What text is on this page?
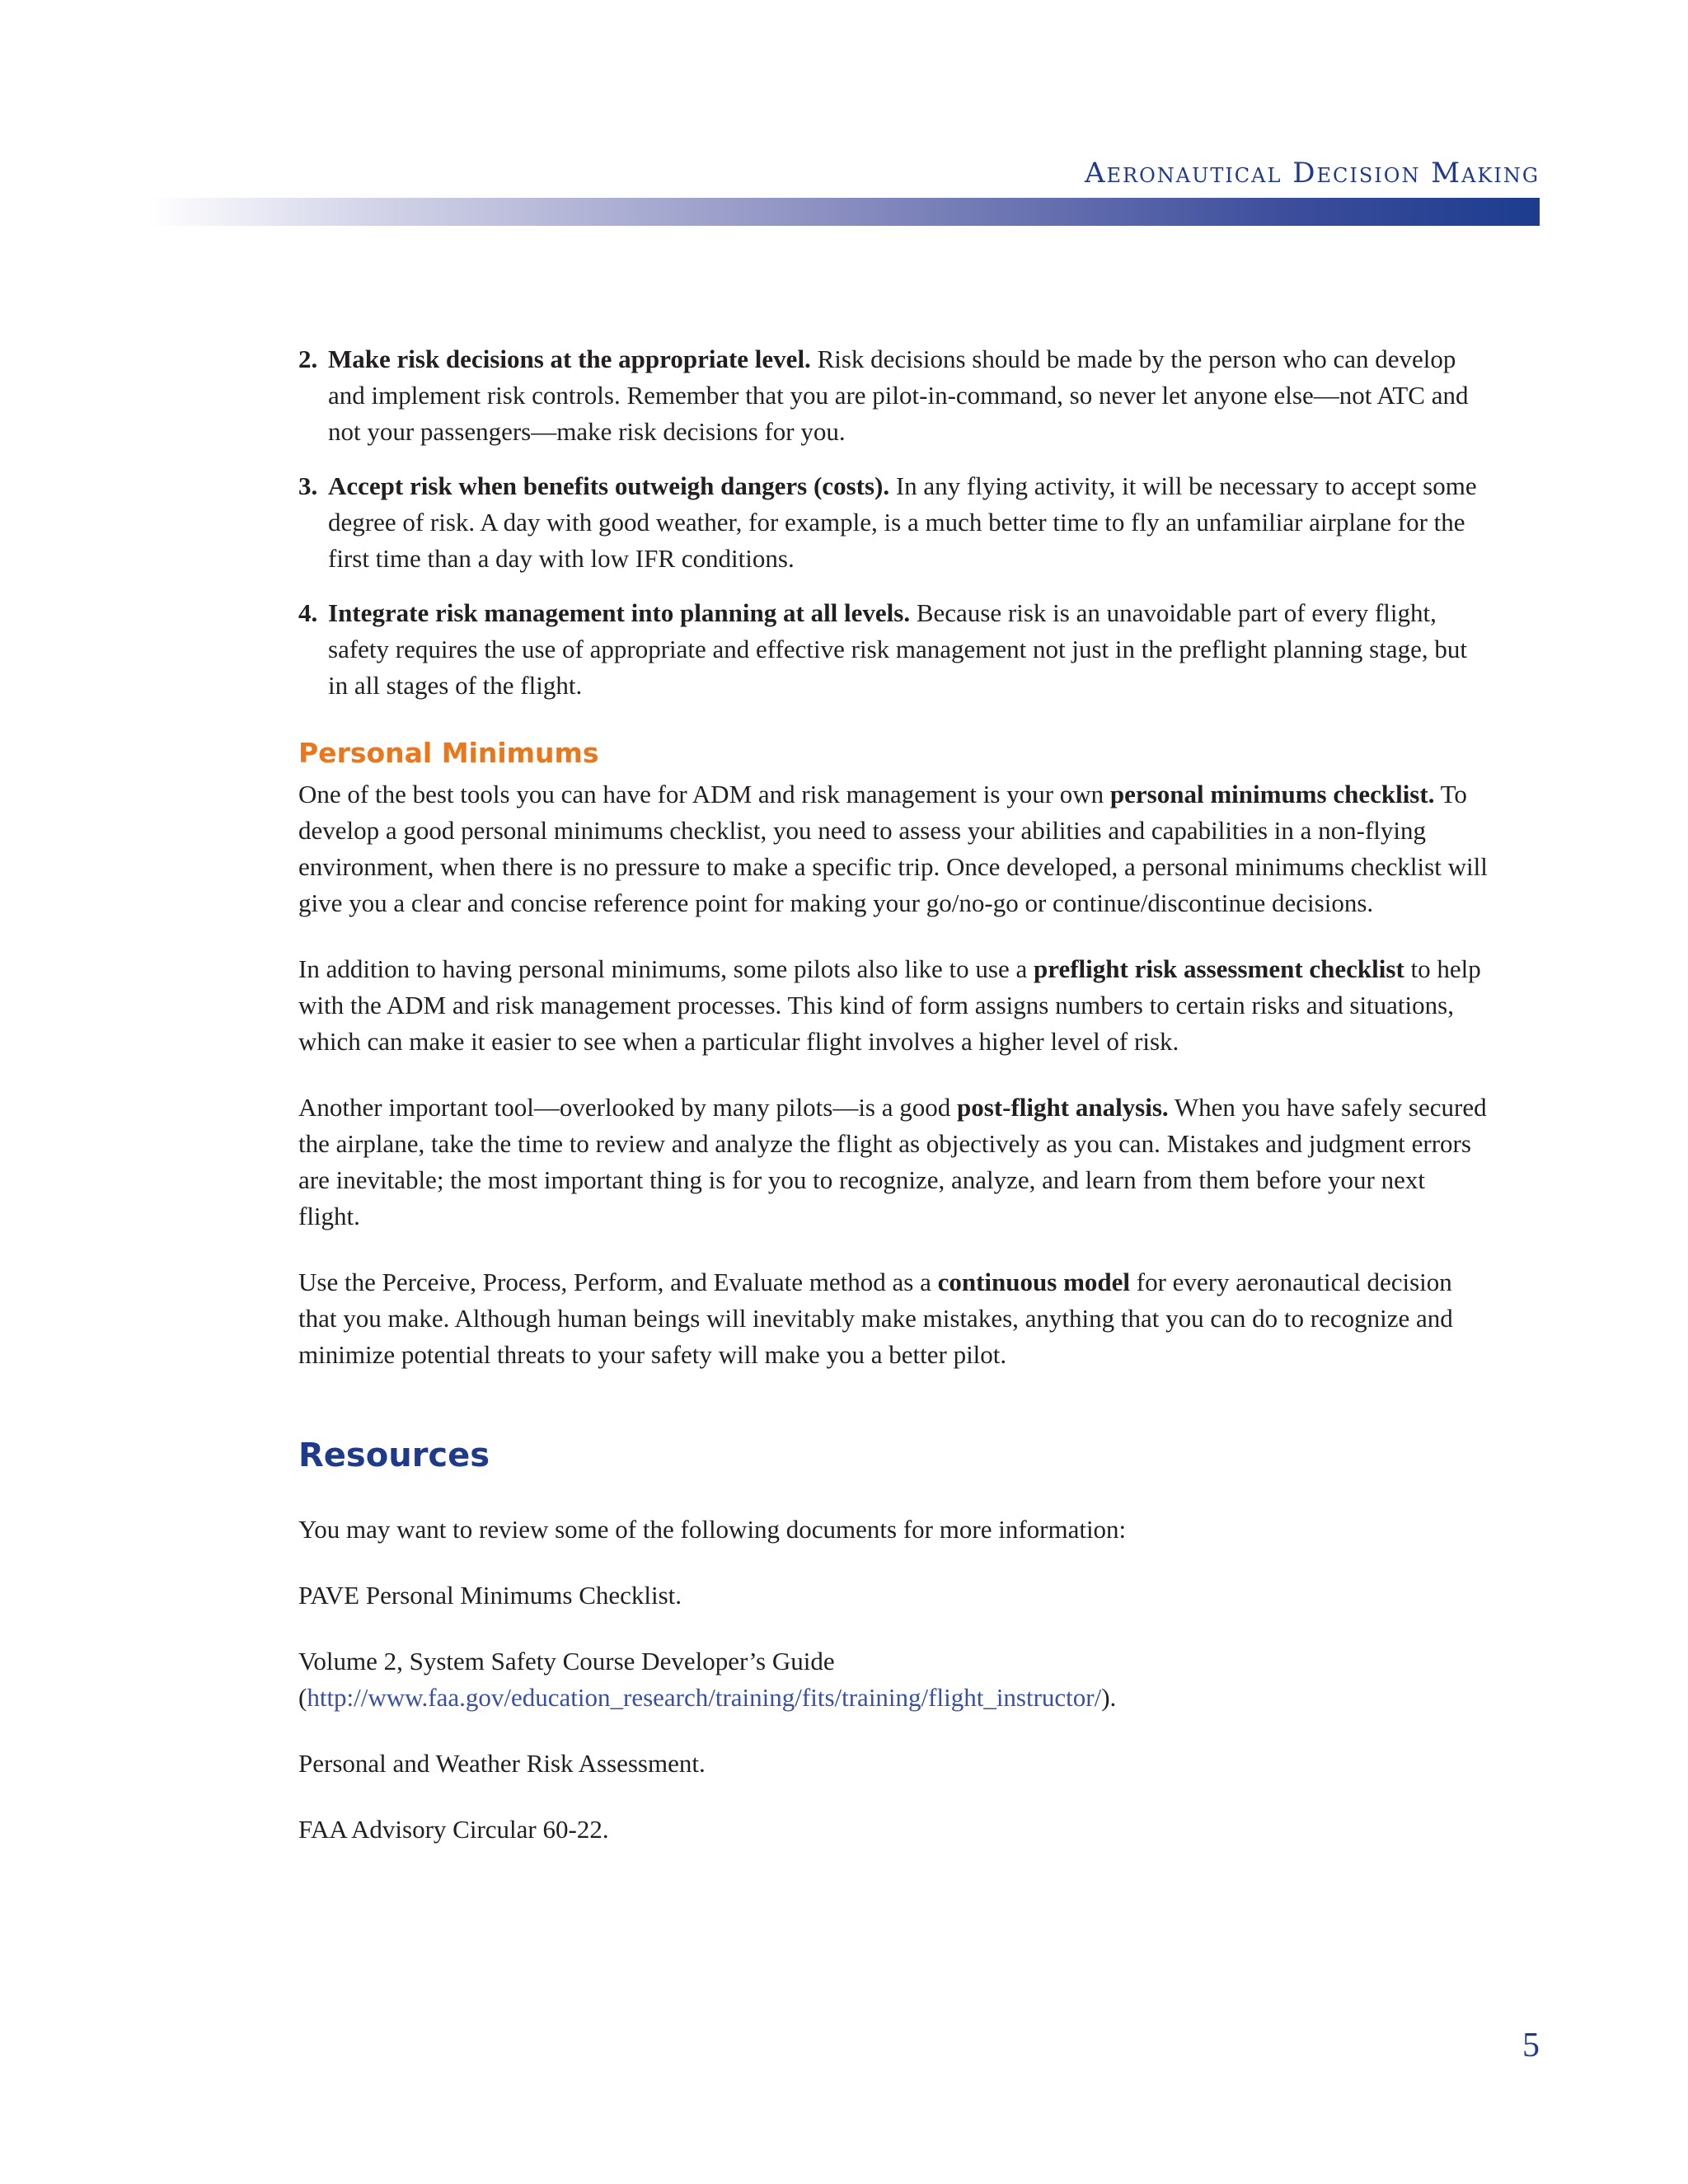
Aeronautical Decision Making
2. Make risk decisions at the appropriate level. Risk decisions should be made by the person who can develop and implement risk controls. Remember that you are pilot-in-command, so never let anyone else—not ATC and not your passengers—make risk decisions for you.
3. Accept risk when benefits outweigh dangers (costs). In any flying activity, it will be necessary to accept some degree of risk. A day with good weather, for example, is a much better time to fly an unfamiliar airplane for the first time than a day with low IFR conditions.
4. Integrate risk management into planning at all levels. Because risk is an unavoidable part of every flight, safety requires the use of appropriate and effective risk management not just in the preflight planning stage, but in all stages of the flight.
Personal Minimums

One of the best tools you can have for ADM and risk management is your own personal minimums checklist. To develop a good personal minimums checklist, you need to assess your abilities and capabilities in a non-flying environment, when there is no pressure to make a specific trip. Once developed, a personal minimums checklist will give you a clear and concise reference point for making your go/no-go or continue/discontinue decisions.

In addition to having personal minimums, some pilots also like to use a preflight risk assessment checklist to help with the ADM and risk management processes. This kind of form assigns numbers to certain risks and situations, which can make it easier to see when a particular flight involves a higher level of risk.

Another important tool—overlooked by many pilots—is a good post-flight analysis. When you have safely secured the airplane, take the time to review and analyze the flight as objectively as you can. Mistakes and judgment errors are inevitable; the most important thing is for you to recognize, analyze, and learn from them before your next flight.

Use the Perceive, Process, Perform, and Evaluate method as a continuous model for every aeronautical decision that you make. Although human beings will inevitably make mistakes, anything that you can do to recognize and minimize potential threats to your safety will make you a better pilot.

Resources

You may want to review some of the following documents for more information:

PAVE Personal Minimums Checklist.

Volume 2, System Safety Course Developer’s Guide (http://www.faa.gov/education_research/training/fits/training/flight_instructor/).

Personal and Weather Risk Assessment.

FAA Advisory Circular 60-22.

5
